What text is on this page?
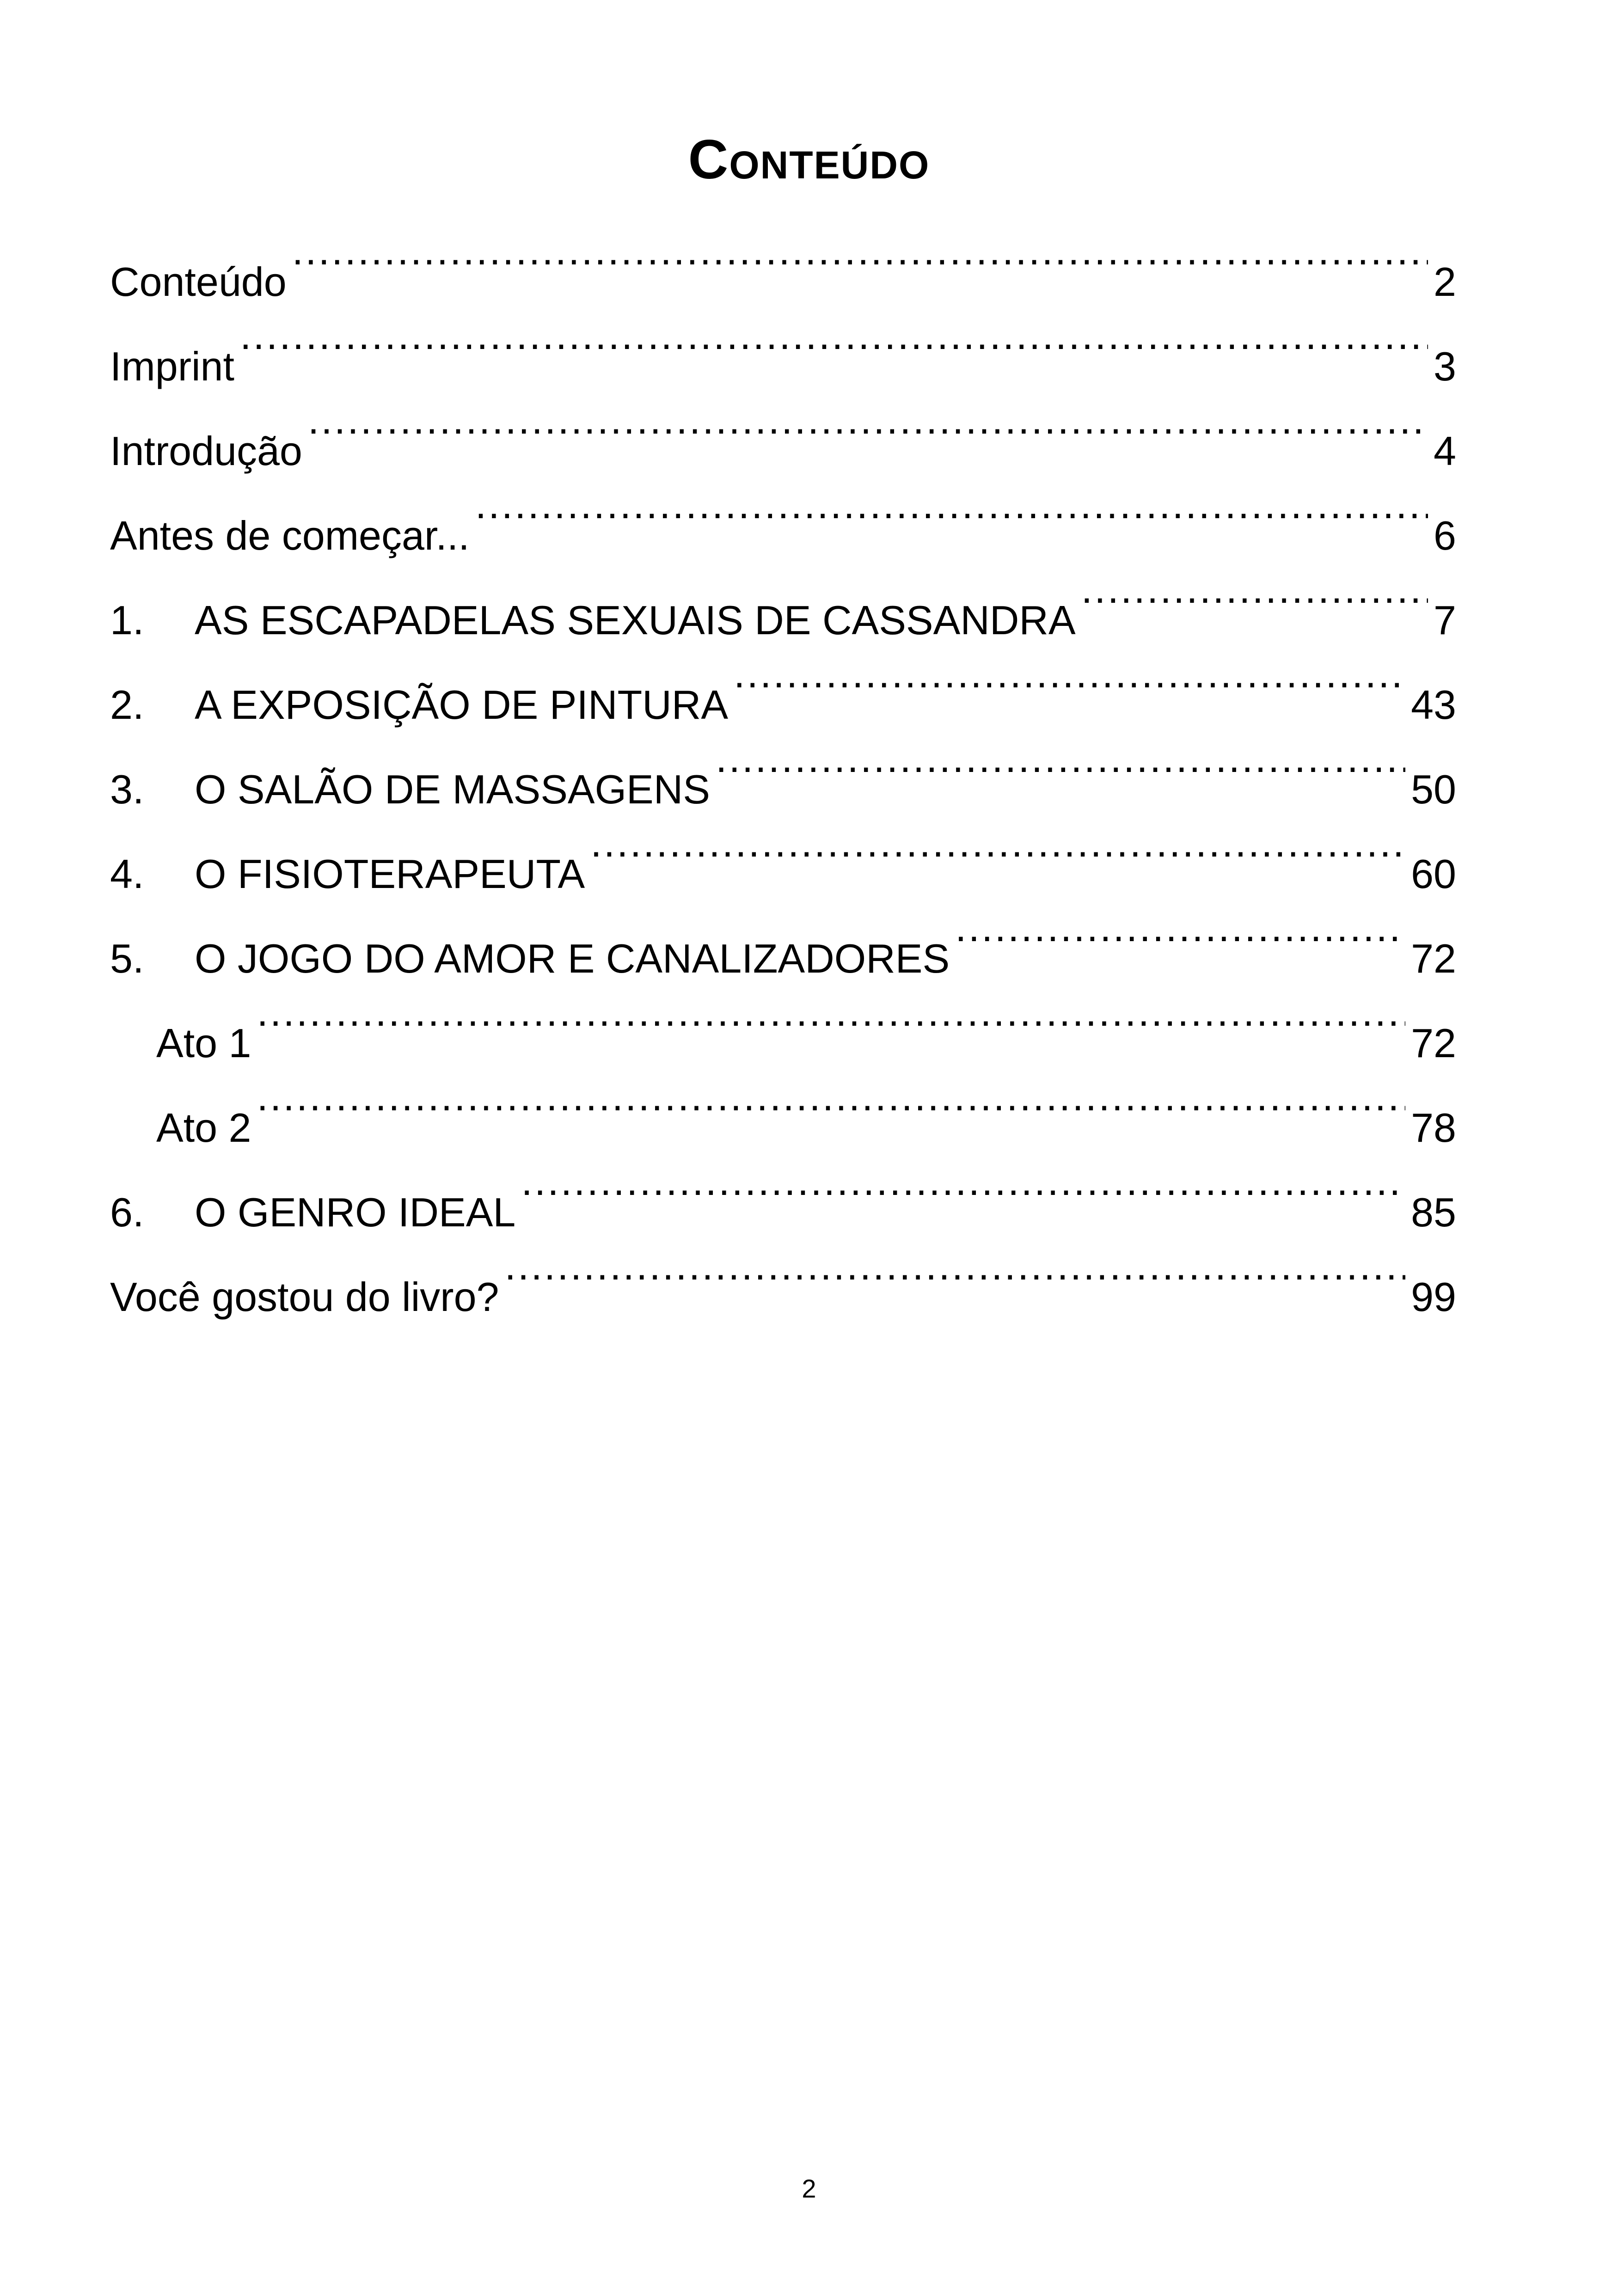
Conteúdo
Conteúdo .....	2
Imprint .....	3
Introdução .....	4
Antes de começar... .....	6
1.	AS ESCAPADELAS SEXUAIS DE CASSANDRA .....	7
2.	A EXPOSIÇÃO DE PINTURA .....	43
3.	O SALÃO DE MASSAGENS .....	50
4.	O FISIOTERAPEUTA .....	60
5.	O JOGO DO AMOR E CANALIZADORES .....	72
Ato 1 .....	72
Ato 2 .....	78
6.	O GENRO IDEAL .....	85
Você gostou do livro? .....	99
2
